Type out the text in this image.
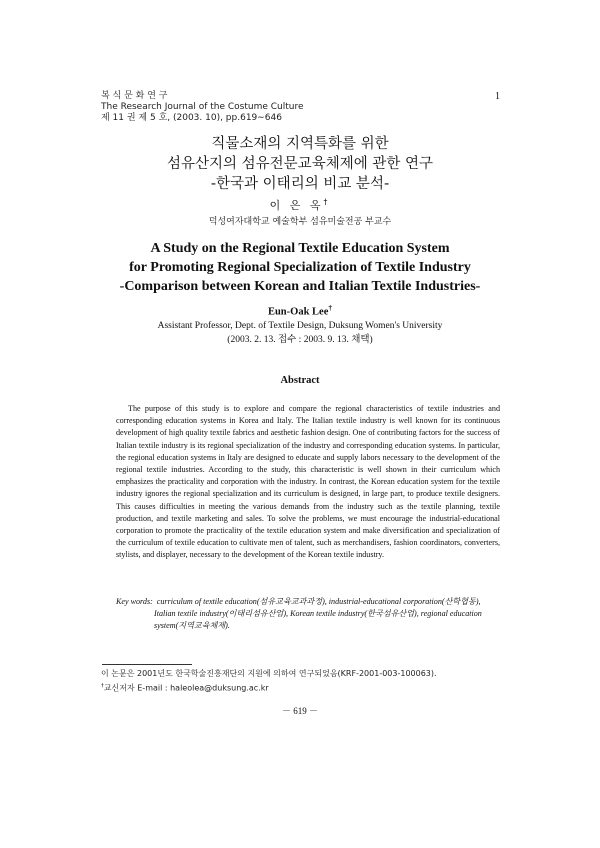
복 식 문 화 연 구
The Research Journal of the Costume Culture
제 11 권 제 5 호, (2003. 10), pp.619∼646
1
직물소재의 지역특화를 위한
섬유산지의 섬유전문교육체제에 관한 연구
-한국과 이태리의 비교 분석-
이 은 옥†
덕성여자대학교 예술학부 섬유미술전공 부교수
A Study on the Regional Textile Education System
for Promoting Regional Specialization of Textile Industry
-Comparison between Korean and Italian Textile Industries-
Eun-Oak Lee†
Assistant Professor, Dept. of Textile Design, Duksung Women's University
(2003. 2. 13. 접수 : 2003. 9. 13. 채택)
Abstract

The purpose of this study is to explore and compare the regional characteristics of textile industries and corresponding education systems in Korea and Italy. The Italian textile industry is well known for its continuous development of high quality textile fabrics and aesthetic fashion design. One of contributing factors for the success of Italian textile industry is its regional specialization of the industry and corresponding education systems. In particular, the regional education systems in Italy are designed to educate and supply labors necessary to the development of the regional textile industries. According to the study, this characteristic is well shown in their curriculum which emphasizes the practicality and corporation with the industry. In contrast, the Korean education system for the textile industry ignores the regional specialization and its curriculum is designed, in large part, to produce textile designers. This causes difficulties in meeting the various demands from the industry such as the textile planning, textile production, and textile marketing and sales. To solve the problems, we must encourage the industrial-educational corporation to promote the practicality of the textile education system and make diversification and specialization of the curriculum of textile education to cultivate men of talent, such as merchandisers, fashion coordinators, converters, stylists, and displayer, necessary to the development of the Korean textile industry.

Key words: curriculum of textile education(섬유교육교과과정), industrial-educational corporation(산학협동),
Italian textile industry(이태리섬유산업), Korean textile industry(한국섬유산업), regional education
system(지역교육체제).
이 논문은 2001년도 한국학술진흥재단의 지원에 의하여 연구되었음(KRF-2001-003-100063).
†교신저자 E-mail : haleolea@duksung.ac.kr
－ 619 －
